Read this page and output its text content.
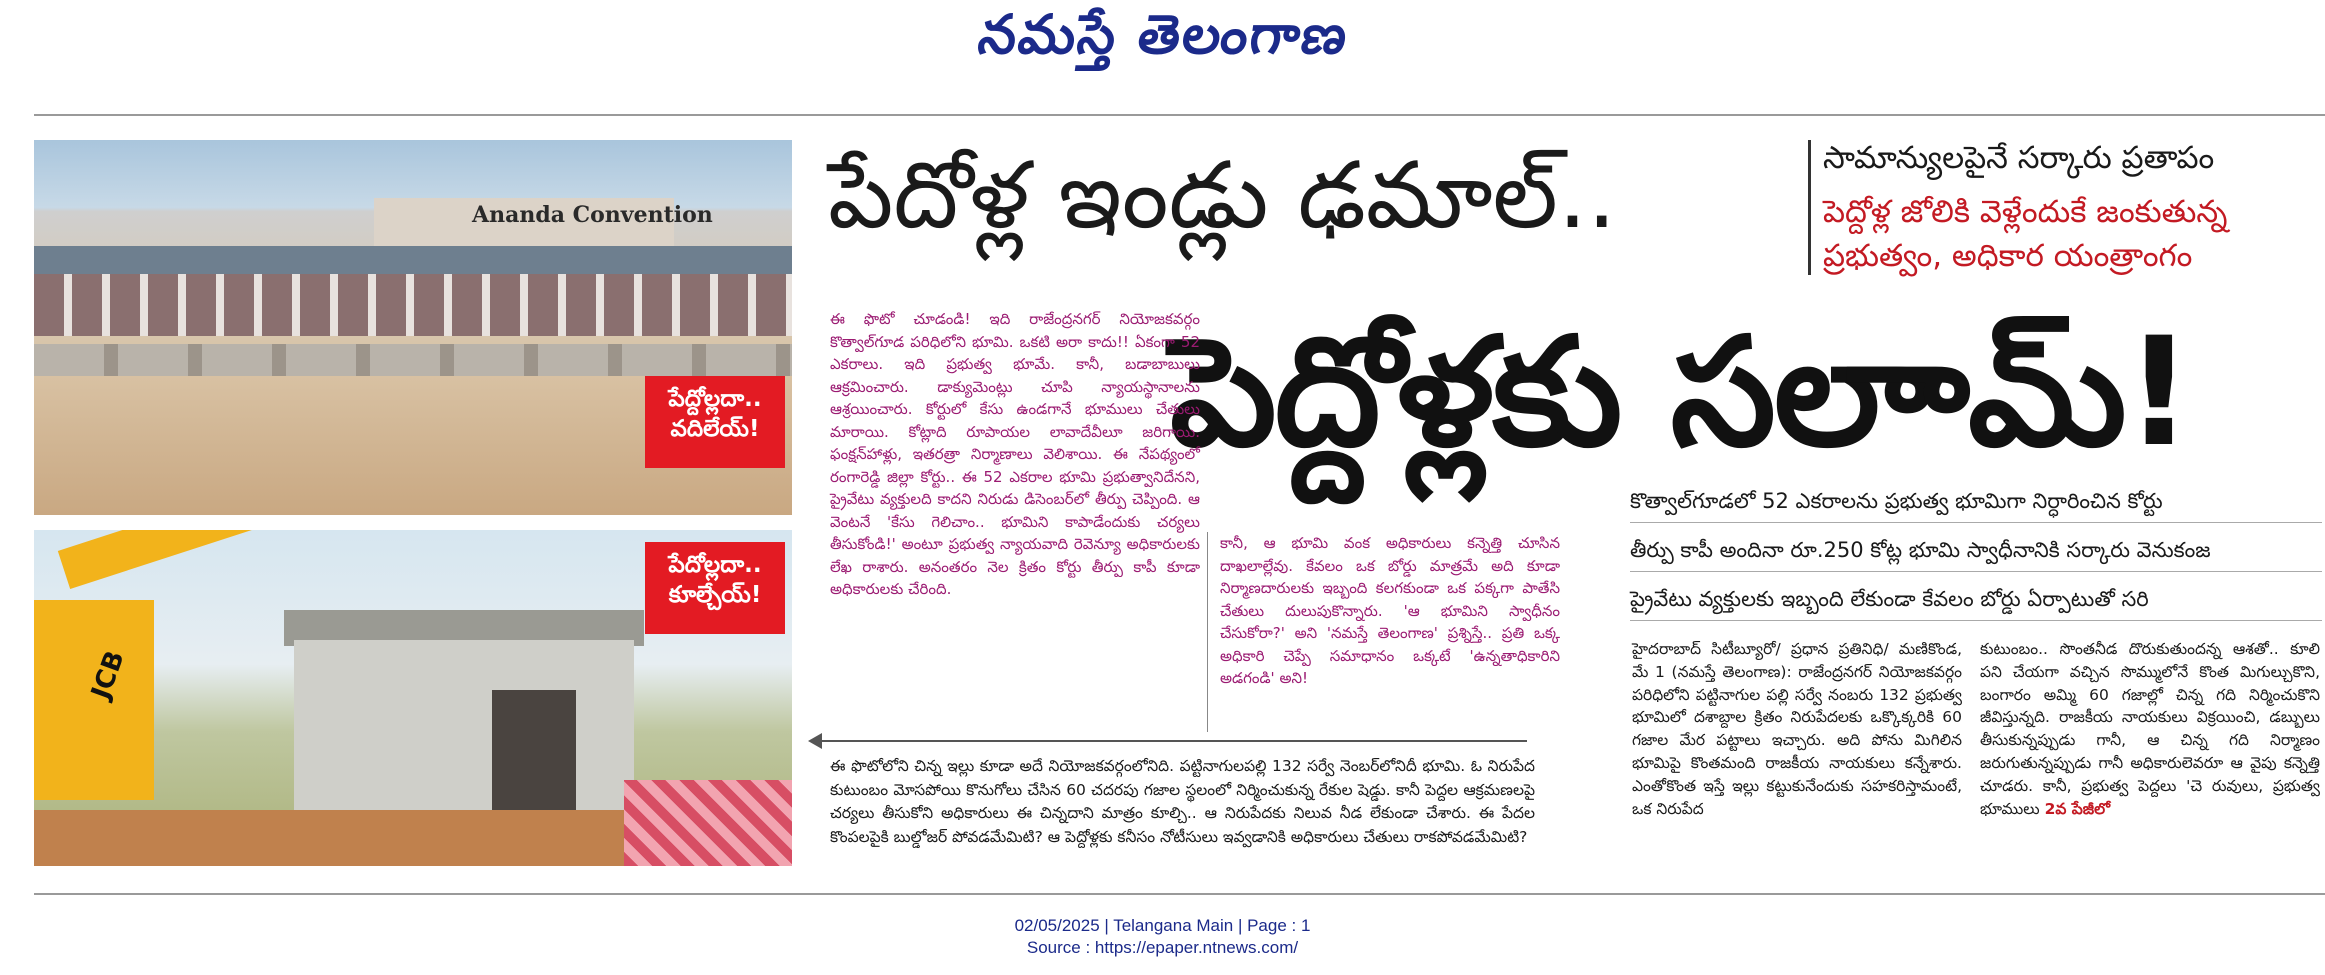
నమస్తే తెలంగాణ
Ananda Convention
పేద్దోల్లదా.. వదిలేయ్!
JCB
పేదోల్లదా.. కూల్చేయ్!
పేదోళ్ల ఇండ్లు ఢమాల్..
పెద్దోళ్లకు సలాామ్!
సామాన్యులపైనే సర్కారు ప్రతాపం
పెద్దోళ్ల జోలికి వెళ్లేందుకే జంకుతున్న ప్రభుత్వం, అధికార యంత్రాంగం
ఈ ఫొటో చూడండి! ఇది రాజేంద్రనగర్ నియోజకవర్గం కొత్వాల్‌గూడ పరిధిలోని భూమి. ఒకటి అరా కాదు!! ఏకంగా 52 ఎకరాలు. ఇది ప్రభుత్వ భూమే. కానీ, బడాబాబులు ఆక్రమించారు. డాక్యుమెంట్లు చూపి న్యాయస్థానాలను ఆశ్రయించారు. కోర్టులో కేసు ఉండగానే భూములు చేతులు మారాయి. కోట్లాది రూపాయల లావాదేవీలూ జరిగాయి. ఫంక్షన్‌హాళ్లు, ఇతరత్రా నిర్మాణాలు వెలిశాయి. ఈ నేపథ్యంలో రంగారెడ్డి జిల్లా కోర్టు.. ఈ 52 ఎకరాల భూమి ప్రభుత్వానిదేనని, ప్రైవేటు వ్యక్తులది కాదని నిరుడు డిసెంబర్‌లో తీర్పు చెప్పింది. ఆ వెంటనే 'కేసు గెలిచాం.. భూమిని కాపాడేందుకు చర్యలు తీసుకోండి!' అంటూ ప్రభుత్వ న్యాయవాది రెవెన్యూ అధికారులకు లేఖ రాశారు. అనంతరం నెల క్రితం కోర్టు తీర్పు కాపీ కూడా అధికారులకు చేరింది.
కానీ, ఆ భూమి వంక అధికారులు కన్నెత్తి చూసిన దాఖలాల్లేవు. కేవలం ఒక బోర్డు మాత్రమే అది కూడా నిర్మాణదారులకు ఇబ్బంది కలగకుండా ఒక పక్కగా పాతేసి చేతులు దులుపుకొన్నారు. 'ఆ భూమిని స్వాధీనం చేసుకోరా?' అని 'నమస్తే తెలంగాణ' ప్రశ్నిస్తే.. ప్రతి ఒక్క అధికారి చెప్పే సమాధానం ఒక్కటే 'ఉన్నతాధికారిని అడగండి' అని!
ఈ ఫొటోలోని చిన్న ఇల్లు కూడా అదే నియోజకవర్గంలోనిది. పట్టినాగులపల్లి 132 సర్వే నెంబర్‌లోనిదీ భూమి. ఓ నిరుపేద కుటుంబం మోసపోయి కొనుగోలు చేసిన 60 చదరపు గజాల స్థలంలో నిర్మించుకున్న రేకుల షెడ్డు. కానీ పెద్దల ఆక్రమణలపై చర్యలు తీసుకోని అధికారులు ఈ చిన్నదాని మాత్రం కూల్చి.. ఆ నిరుపేదకు నిలువ నీడ లేకుండా చేశారు. ఈ పేదల కొంపలపైకి బుల్డోజర్ పోవడమేమిటి? ఆ పెద్దోళ్లకు కనీసం నోటీసులు ఇవ్వడానికి అధికారులు చేతులు రాకపోవడమేమిటి?
కొత్వాల్‌గూడలో 52 ఎకరాలను ప్రభుత్వ భూమిగా నిర్ధారించిన కోర్టు
తీర్పు కాపీ అందినా రూ.250 కోట్ల భూమి స్వాధీనానికి సర్కారు వెనుకంజ
ప్రైవేటు వ్యక్తులకు ఇబ్బంది లేకుండా కేవలం బోర్డు ఏర్పాటుతో సరి
హైదరాబాద్ సిటీబ్యూరో/ ప్రధాన ప్రతినిధి/ మణికొండ, మే 1 (నమస్తే తెలంగాణ): రాజేంద్రనగర్ నియోజకవర్గం పరిధిలోని పట్టినాగుల పల్లి సర్వే నంబరు 132 ప్రభుత్వ భూమిలో దశాబ్దాల క్రితం నిరుపేదలకు ఒక్కొక్కరికి 60 గజాల మేర పట్టాలు ఇచ్చారు. అది పోను మిగిలిన భూమిపై కొంతమంది రాజకీయ నాయకులు కన్నేశారు. ఎంతోకొంత ఇస్తే ఇల్లు కట్టుకునేందుకు సహకరిస్తామంటే, ఒక నిరుపేద
కుటుంబం.. సొంతనీడ దొరుకుతుందన్న ఆశతో.. కూలి పని చేయగా వచ్చిన సొమ్ములోనే కొంత మిగుల్చుకొని, బంగారం అమ్మి 60 గజాల్లో చిన్న గది నిర్మించుకొని జీవిస్తున్నది. రాజకీయ నాయకులు విక్రయించి, డబ్బులు తీసుకున్నప్పుడు గానీ, ఆ చిన్న గది నిర్మాణం జరుగుతున్నప్పుడు గానీ అధికారులెవరూ ఆ వైపు కన్నెత్తి చూడరు. కానీ, ప్రభుత్వ పెద్దలు 'చె రువులు, ప్రభుత్వ భూములు 2వ పేజీలో
02/05/2025 | Telangana Main | Page : 1
Source : https://epaper.ntnews.com/
